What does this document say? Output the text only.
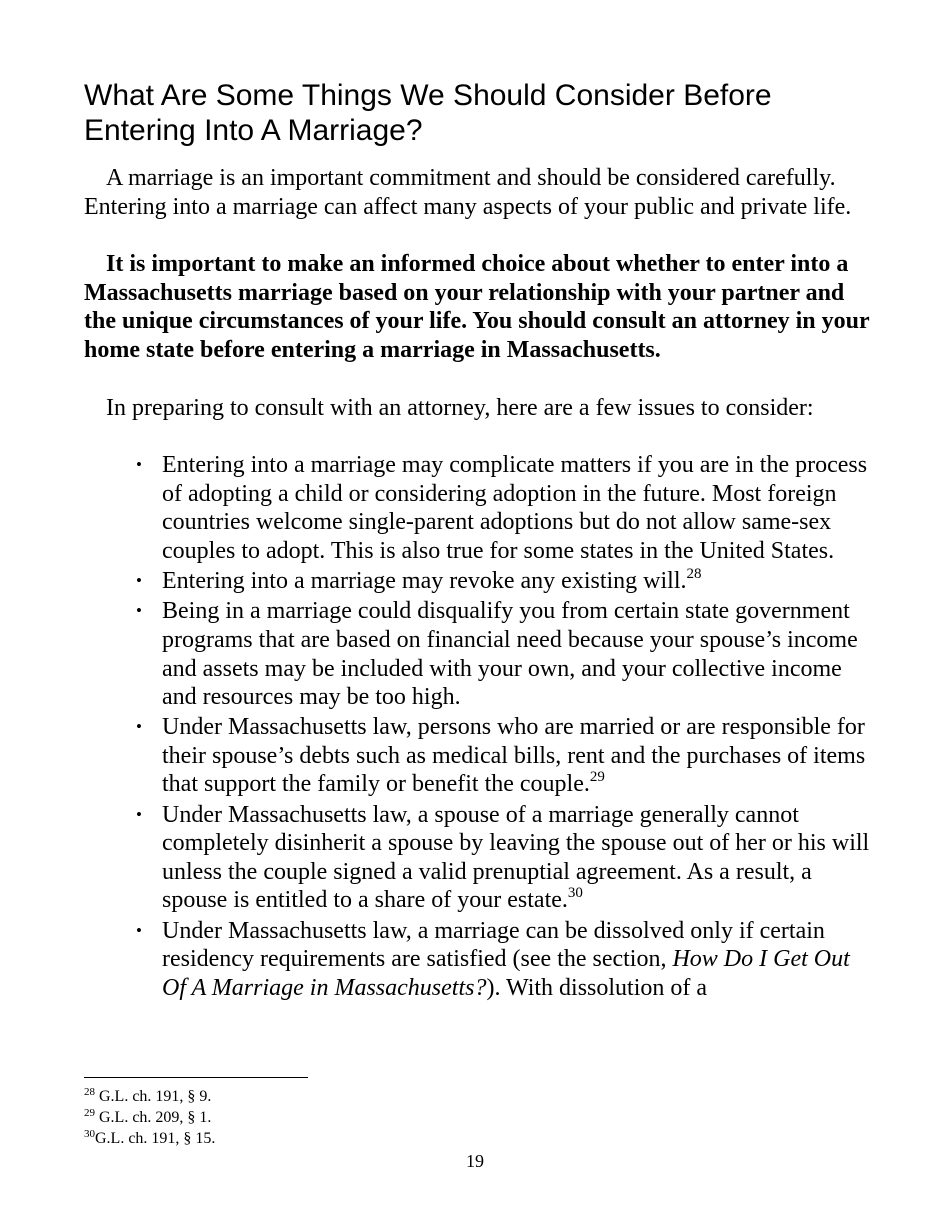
What Are Some Things We Should Consider Before Entering Into A Marriage?

A marriage is an important commitment and should be considered carefully. Entering into a marriage can affect many aspects of your public and private life.

It is important to make an informed choice about whether to enter into a Massachusetts marriage based on your relationship with your partner and the unique circumstances of your life. You should consult an attorney in your home state before entering a marriage in Massachusetts.

In preparing to consult with an attorney, here are a few issues to consider:

• Entering into a marriage may complicate matters if you are in the process of adopting a child or considering adoption in the future. Most foreign countries welcome single-parent adoptions but do not allow same-sex couples to adopt. This is also true for some states in the United States.
• Entering into a marriage may revoke any existing will.$^{28}$
• Being in a marriage could disqualify you from certain state government programs that are based on financial need because your spouse’s income and assets may be included with your own, and your collective income and resources may be too high.
• Under Massachusetts law, persons who are married or are responsible for their spouse’s debts such as medical bills, rent and the purchases of items that support the family or benefit the couple.$^{29}$
• Under Massachusetts law, a spouse of a marriage generally cannot completely disinherit a spouse by leaving the spouse out of her or his will unless the couple signed a valid prenuptial agreement. As a result, a spouse is entitled to a share of your estate.$^{30}$
• Under Massachusetts law, a marriage can be dissolved only if certain residency requirements are satisfied (see the section, How Do I Get Out Of A Marriage in Massachusetts?). With dissolution of a
$^{28}$ G.L. ch. 191, § 9.
$^{29}$ G.L. ch. 209, § 1.
$^{30}$G.L. ch. 191, § 15.
19
